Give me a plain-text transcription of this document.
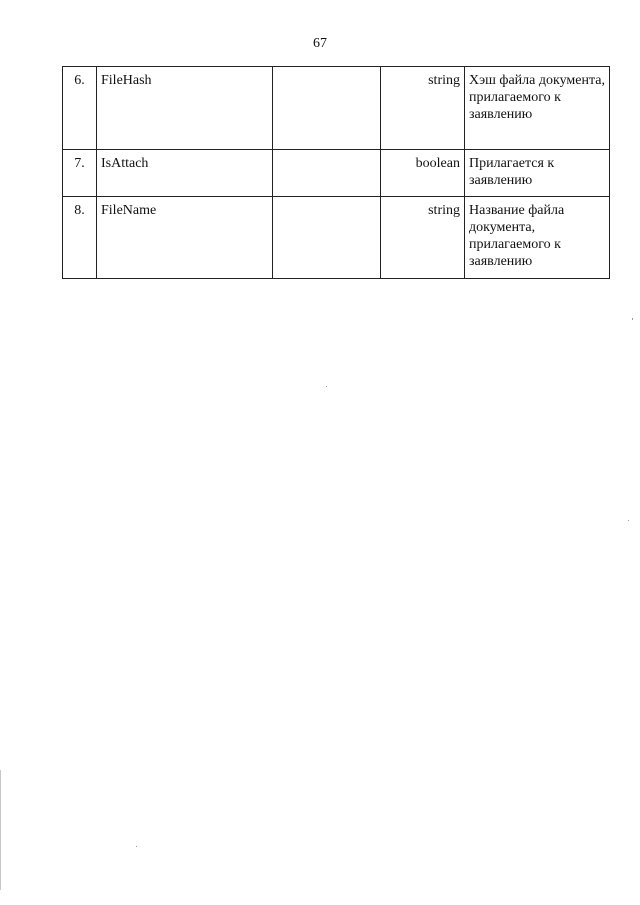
67
6.	FileHash		string	Хэш файла документа, прилагаемого к заявлению
7.	IsAttach		boolean	Прилагается к заявлению
8.	FileName		string	Название файла документа, прилагаемого к заявлению
